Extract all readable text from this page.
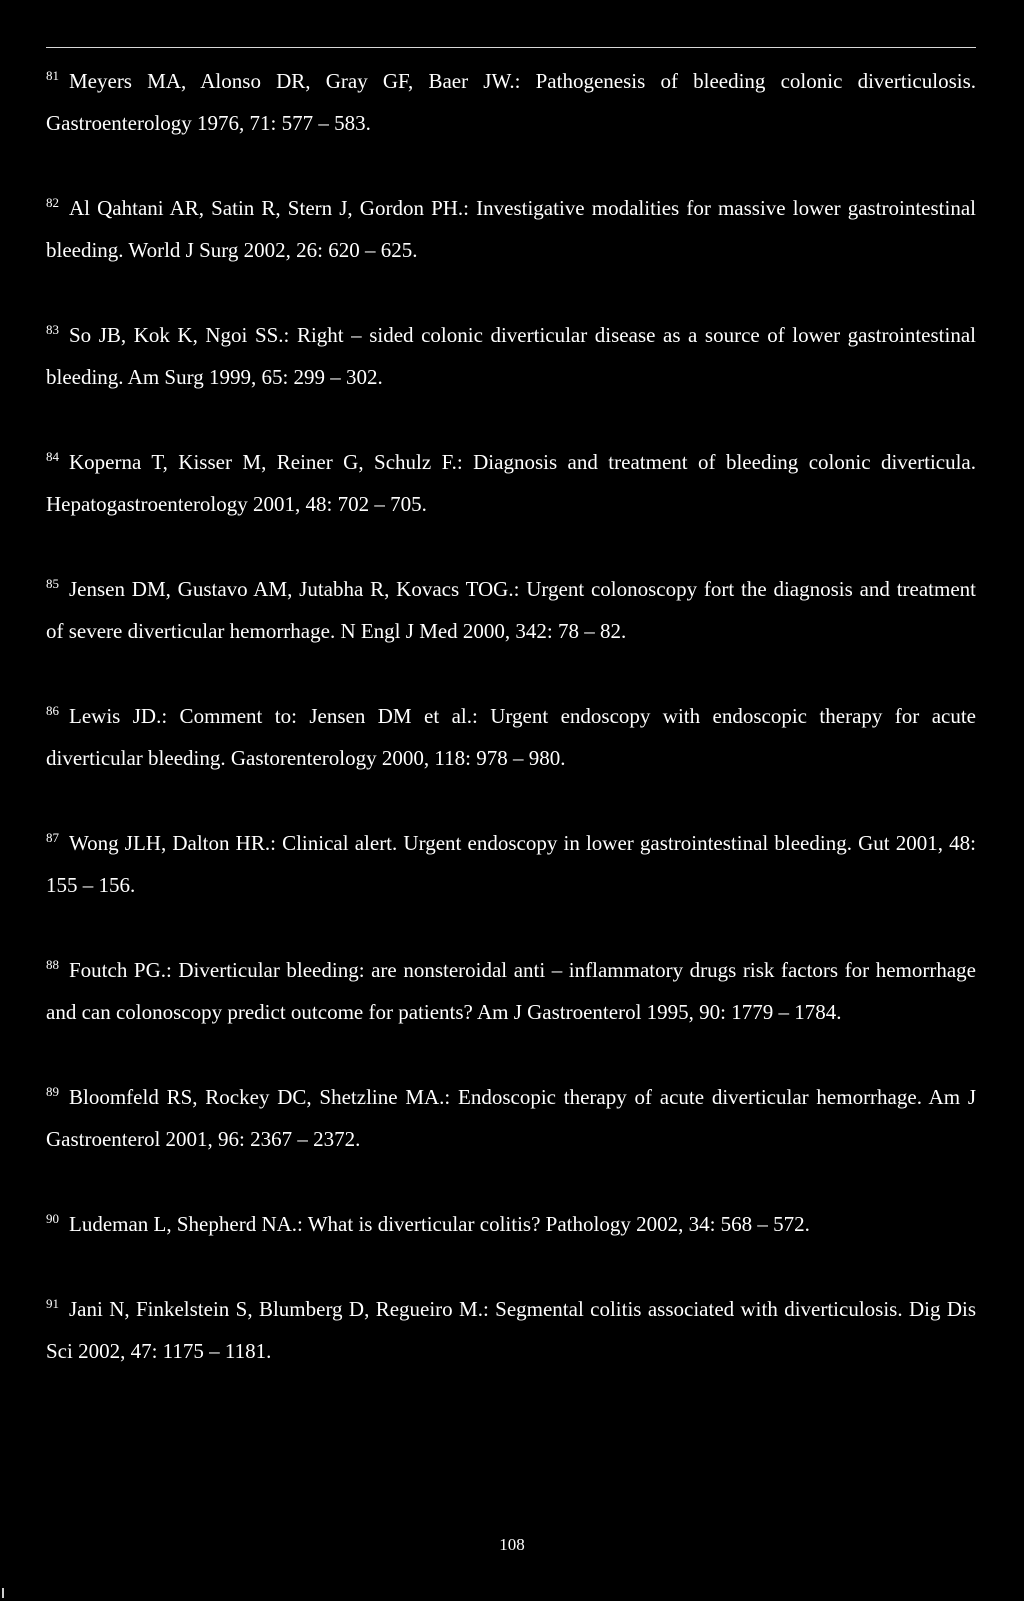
$^{81}$ Meyers MA, Alonso DR, Gray GF, Baer JW.: Pathogenesis of bleeding colonic diverticulosis. Gastroenterology 1976, 71: 577 – 583.

$^{82}$ Al Qahtani AR, Satin R, Stern J, Gordon PH.: Investigative modalities for massive lower gastrointestinal bleeding. World J Surg 2002, 26: 620 – 625.

$^{83}$ So JB, Kok K, Ngoi SS.: Right – sided colonic diverticular disease as a source of lower gastrointestinal bleeding. Am Surg 1999, 65: 299 – 302.

$^{84}$ Koperna T, Kisser M, Reiner G, Schulz F.: Diagnosis and treatment of bleeding colonic diverticula. Hepatogastroenterology 2001, 48: 702 – 705.

$^{85}$ Jensen DM, Gustavo AM, Jutabha R, Kovacs TOG.: Urgent colonoscopy fort the diagnosis and treatment of severe diverticular hemorrhage. N Engl J Med 2000, 342: 78 – 82.

$^{86}$ Lewis JD.: Comment to: Jensen DM et al.: Urgent endoscopy with endoscopic therapy for acute diverticular bleeding. Gastorenterology 2000, 118: 978 – 980.

$^{87}$ Wong JLH, Dalton HR.: Clinical alert. Urgent endoscopy in lower gastrointestinal bleeding. Gut 2001, 48: 155 – 156.

$^{88}$ Foutch PG.: Diverticular bleeding: are nonsteroidal anti – inflammatory drugs risk factors for hemorrhage and can colonoscopy predict outcome for patients? Am J Gastroenterol 1995, 90: 1779 – 1784.

$^{89}$ Bloomfeld RS, Rockey DC, Shetzline MA.: Endoscopic therapy of acute diverticular hemorrhage. Am J Gastroenterol 2001, 96: 2367 – 2372.

$^{90}$ Ludeman L, Shepherd NA.: What is diverticular colitis? Pathology 2002, 34: 568 – 572.

$^{91}$ Jani N, Finkelstein S, Blumberg D, Regueiro M.: Segmental colitis associated with diverticulosis. Dig Dis Sci 2002, 47: 1175 – 1181.

108
